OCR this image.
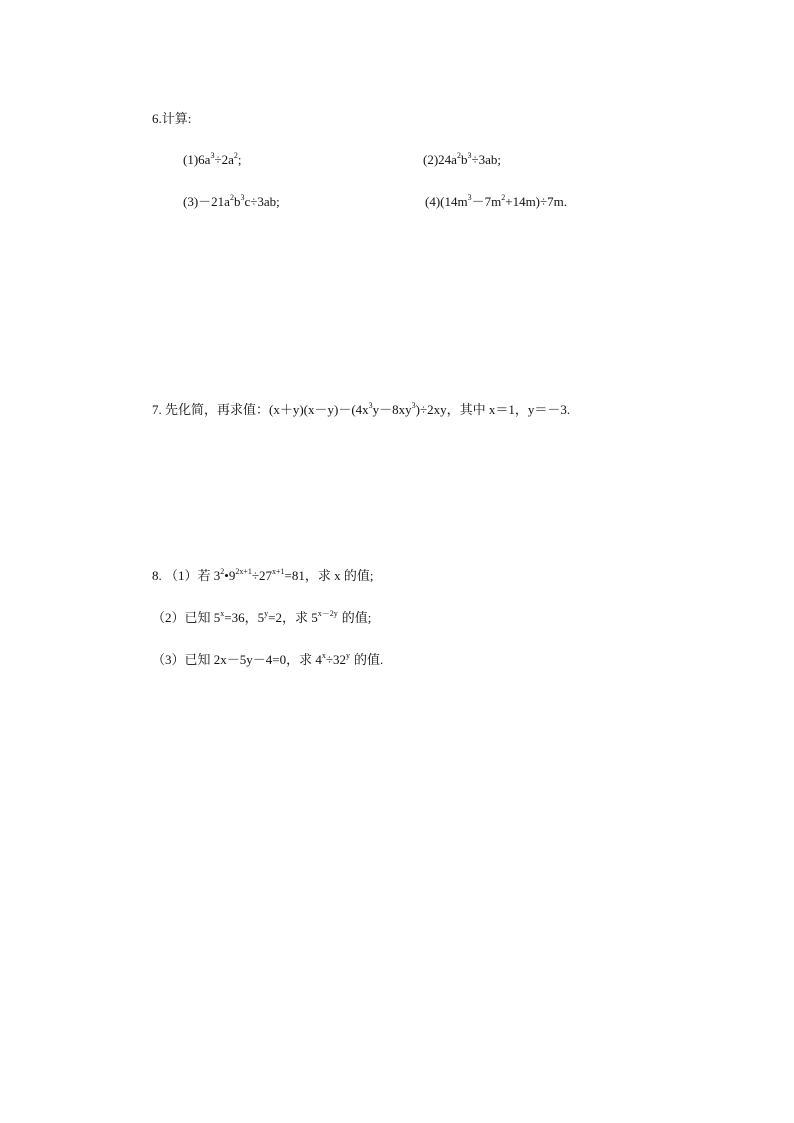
6.计算:
$(1)6a^3\div 2a^2$;	$(2)24a^2b^3\div 3ab$;
$(3)-21a^2b^3c\div 3ab$;	$(4)(14m^3-7m^2+14m)\div 7m$.
7. 先化简，再求值：$(x+y)(x-y)-(4x^3y-8xy^3)\div 2xy$，其中 x＝1，y＝－3.
8. （1）若 $3^2•9^{2x+1}\div 27^{x+1}=81$，求 x 的值;
（2）已知 $5^x=36$，$5^y=2$，求 $5^{x-2y}$ 的值;
（3）已知 2x－5y－4=0，求 $4^x\div 32^y$ 的值.
